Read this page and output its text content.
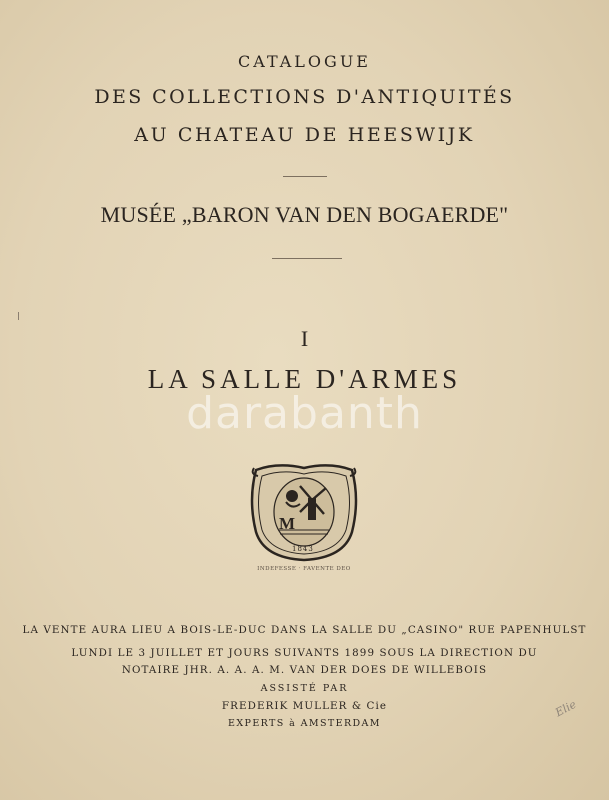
CATALOGUE
DES COLLECTIONS D'ANTIQUITÉS
AU CHATEAU DE HEESWIJK
MUSÉE „BARON VAN DEN BOGAERDE"
I
LA SALLE D'ARMES
darabanth
M
1843
INDEFESSE · FAVENTE DEO
LA VENTE AURA LIEU A BOIS-LE-DUC DANS LA SALLE DU „CASINO" RUE PAPENHULST
LUNDI LE 3 JUILLET ET JOURS SUIVANTS 1899 SOUS LA DIRECTION DU
NOTAIRE JHR. A. A. A. M. VAN DER DOES DE WILLEBOIS
ASSISTÉ PAR
FREDERIK MULLER & Cie
EXPERTS à AMSTERDAM
Elie
